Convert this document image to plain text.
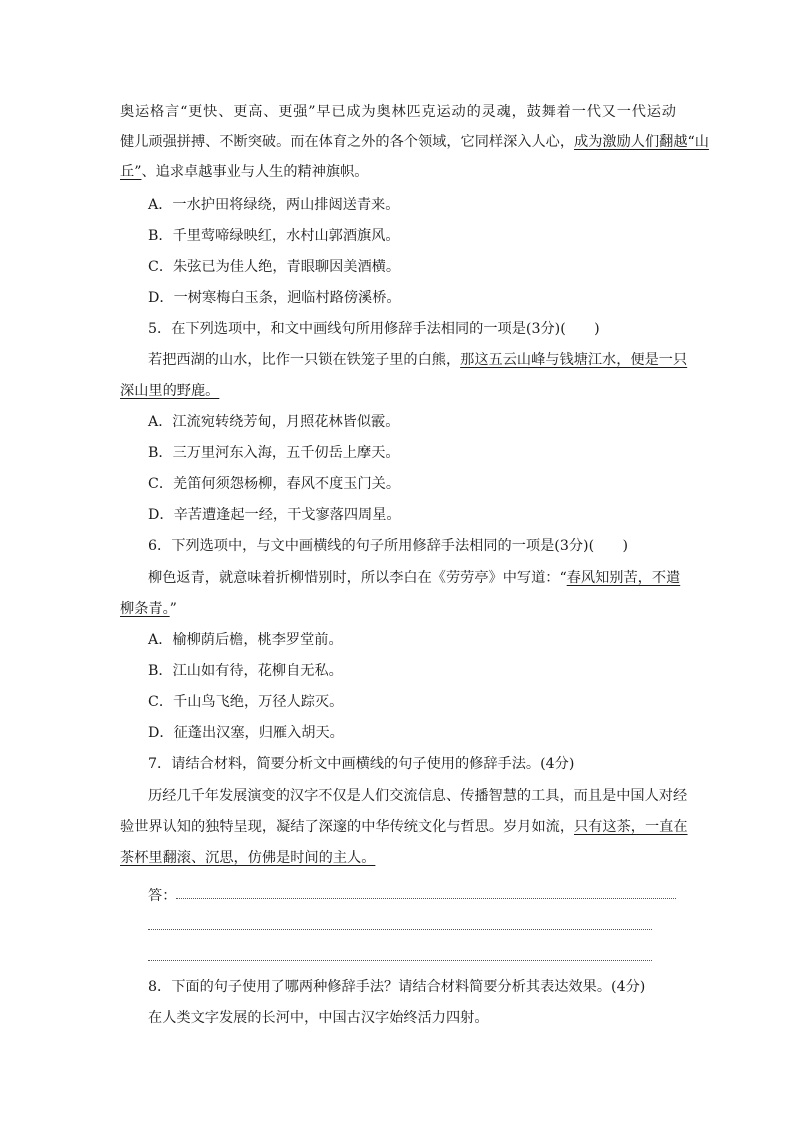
奥运格言“更快、更高、更强”早已成为奥林匹克运动的灵魂，鼓舞着一代又一代运动
健儿顽强拼搏、不断突破。而在体育之外的各个领域，它同样深入人心，成为激励人们翻越“山
丘”、追求卓越事业与人生的精神旗帜。
A．一水护田将绿绕，两山排闼送青来。
B．千里莺啼绿映红，水村山郭酒旗风。
C．朱弦已为佳人绝，青眼聊因美酒横。
D．一树寒梅白玉条，迥临村路傍溪桥。
5．在下列选项中，和文中画线句所用修辞手法相同的一项是(3分)(　　)
若把西湖的山水，比作一只锁在铁笼子里的白熊，那这五云山峰与钱塘江水，便是一只
深山里的野鹿。
A．江流宛转绕芳甸，月照花林皆似霰。
B．三万里河东入海，五千仞岳上摩天。
C．羌笛何须怨杨柳，春风不度玉门关。
D．辛苦遭逢起一经，干戈寥落四周星。
6．下列选项中，与文中画横线的句子所用修辞手法相同的一项是(3分)(　　)
柳色返青，就意味着折柳惜别时，所以李白在《劳劳亭》中写道：“春风知别苦，不遣
柳条青。”
A．榆柳荫后檐，桃李罗堂前。
B．江山如有待，花柳自无私。
C．千山鸟飞绝，万径人踪灭。
D．征蓬出汉塞，归雁入胡天。
7．请结合材料，简要分析文中画横线的句子使用的修辞手法。(4分)
历经几千年发展演变的汉字不仅是人们交流信息、传播智慧的工具，而且是中国人对经
验世界认知的独特呈现，凝结了深邃的中华传统文化与哲思。岁月如流，只有这茶，一直在
茶杯里翻滚、沉思，仿佛是时间的主人。
答：
8．下面的句子使用了哪两种修辞手法？请结合材料简要分析其表达效果。(4分)
在人类文字发展的长河中，中国古汉字始终活力四射。
